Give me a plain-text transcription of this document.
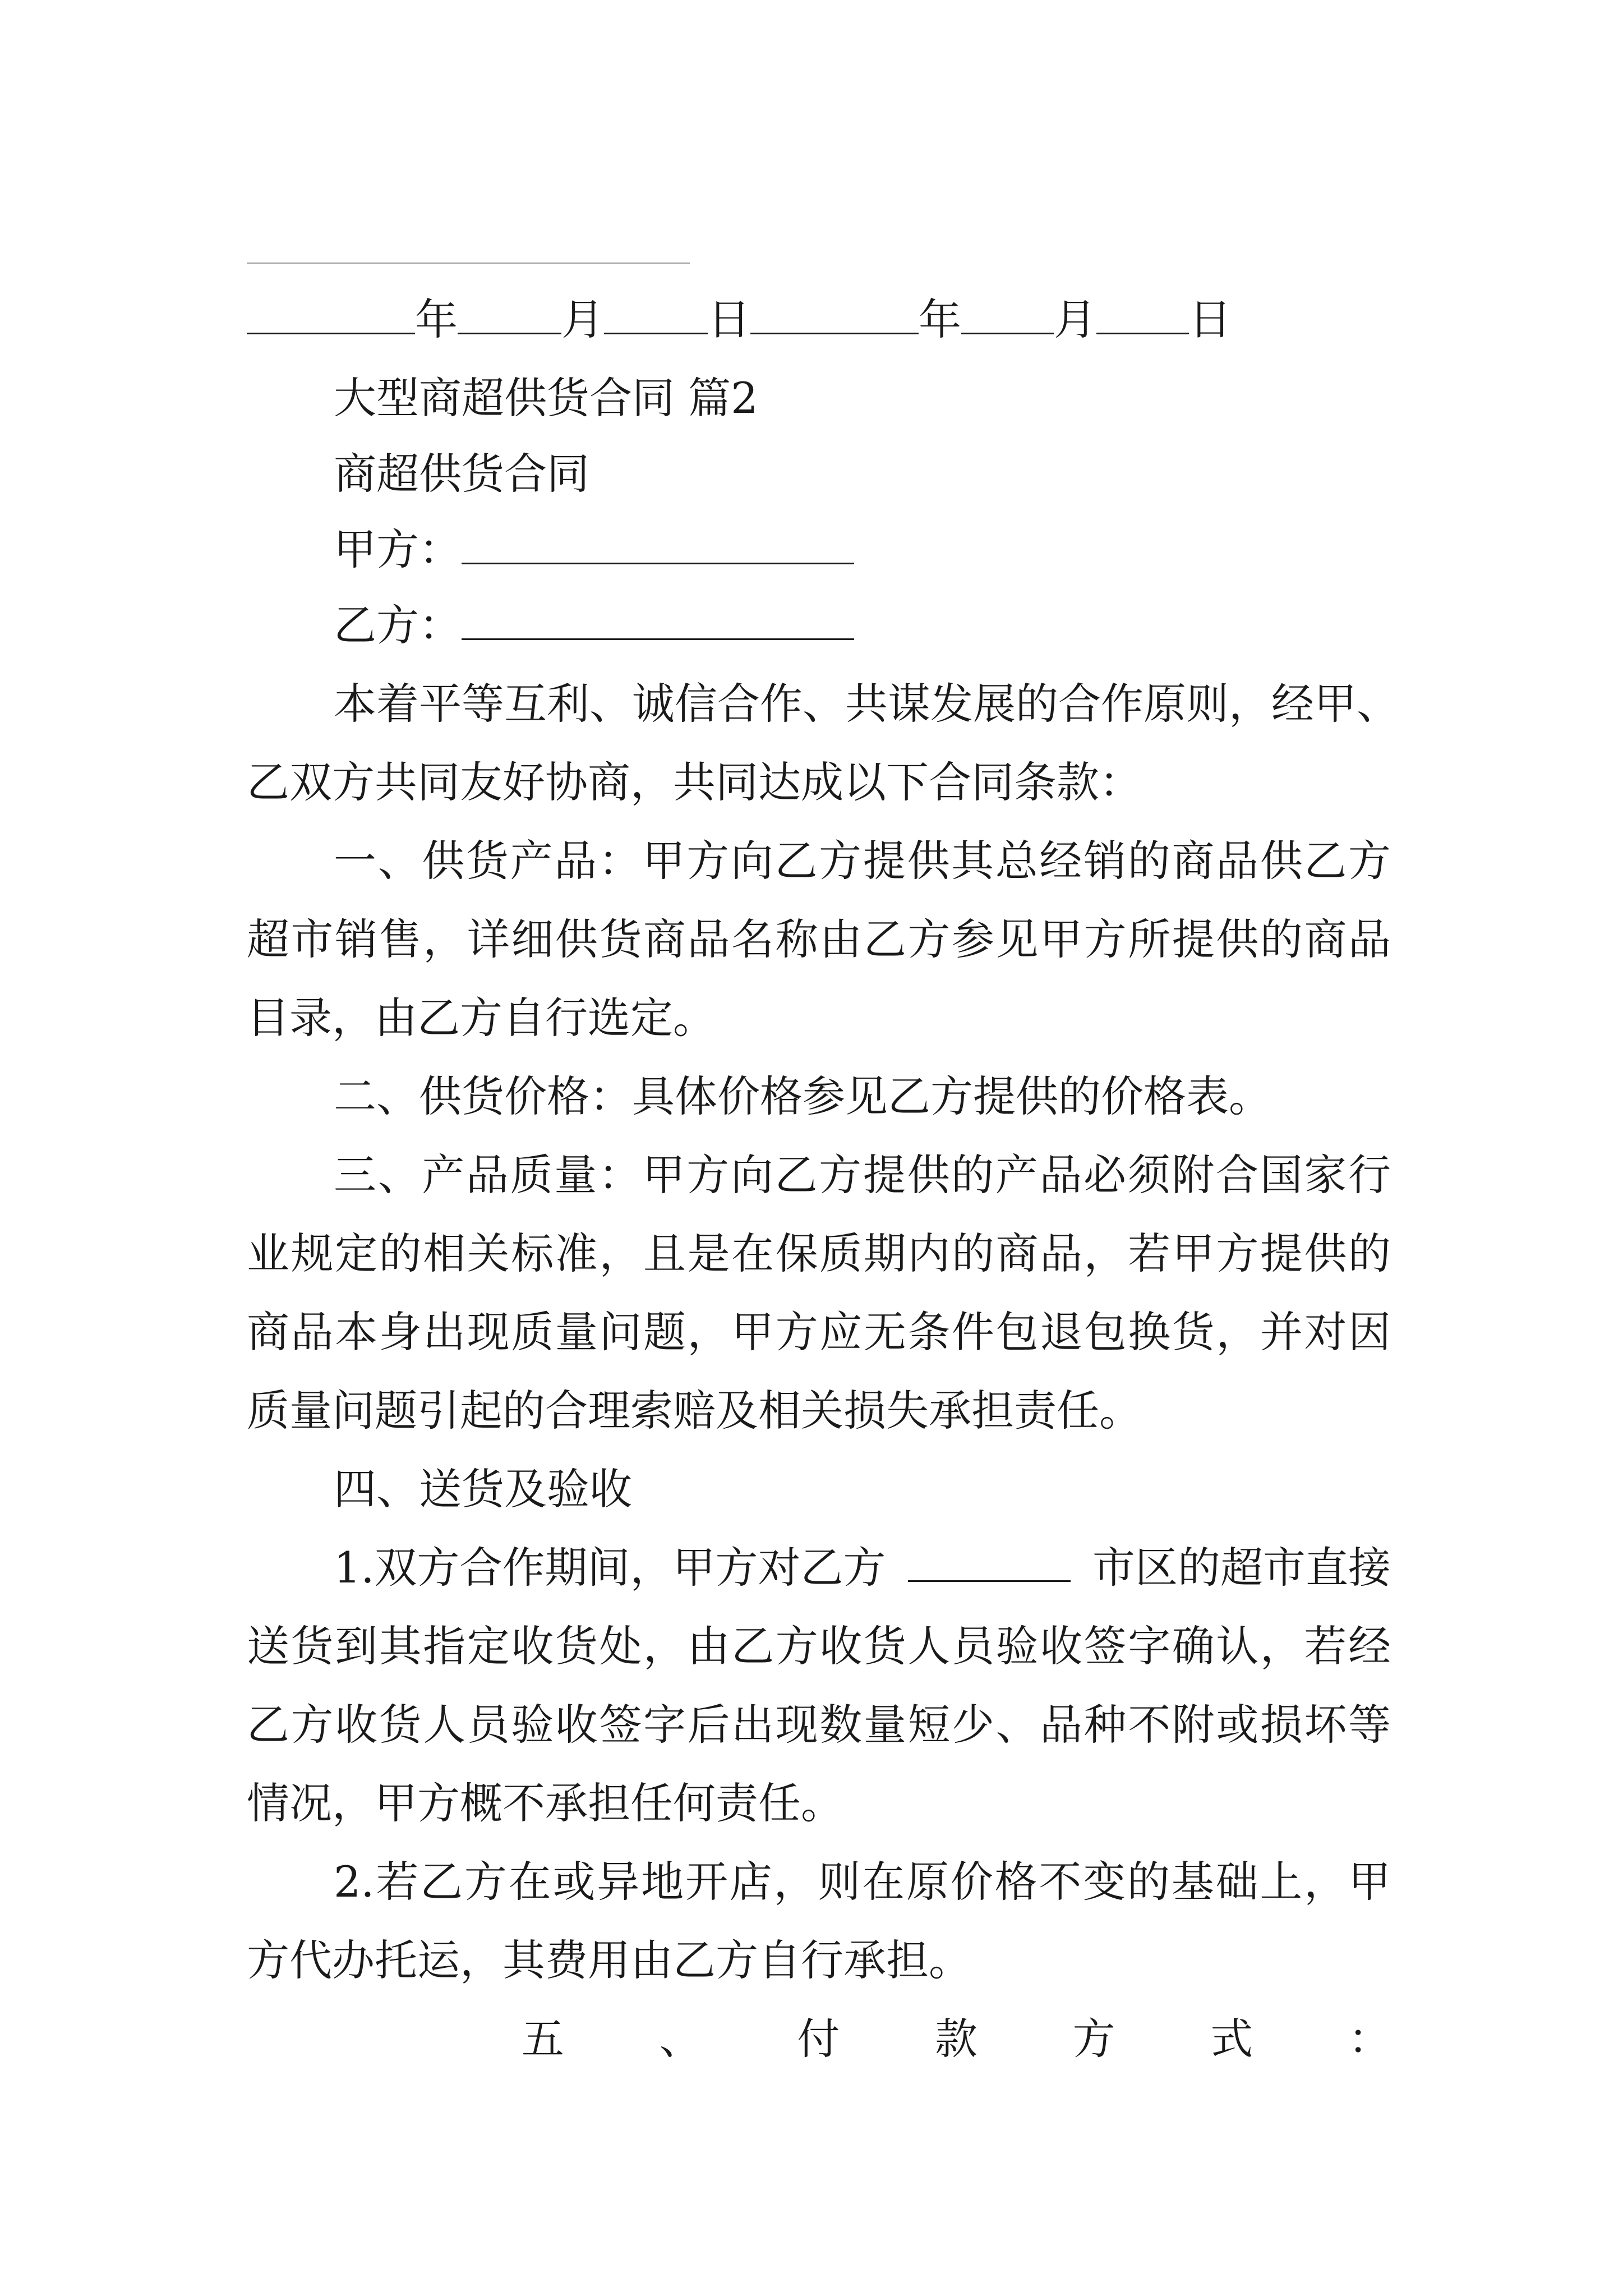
年 月 日	年 月 日
大型商超供货合同 篇2
商超供货合同
甲方：
乙方：
本着平等互利、诚信合作、共谋发展的合作原则，经甲、
乙双方共同友好协商，共同达成以下合同条款：
一、供货产品：甲方向乙方提供其总经销的商品供乙方
超市销售，详细供货商品名称由乙方参见甲方所提供的商品
目录，由乙方自行选定。
二、供货价格：具体价格参见乙方提供的价格表。
三、产品质量：甲方向乙方提供的产品必须附合国家行
业规定的相关标准，且是在保质期内的商品，若甲方提供的
商品本身出现质量问题，甲方应无条件包退包换货，并对因
质量问题引起的合理索赔及相关损失承担责任。
四、送货及验收
1.双方合作期间，甲方对乙方	市区的超市直接
送货到其指定收货处，由乙方收货人员验收签字确认，若经
乙方收货人员验收签字后出现数量短少、品种不附或损坏等
情况，甲方概不承担任何责任。
2.若乙方在或异地开店，则在原价格不变的基础上，甲
方代办托运，其费用由乙方自行承担。
五 、 付 款 方 式 ：
